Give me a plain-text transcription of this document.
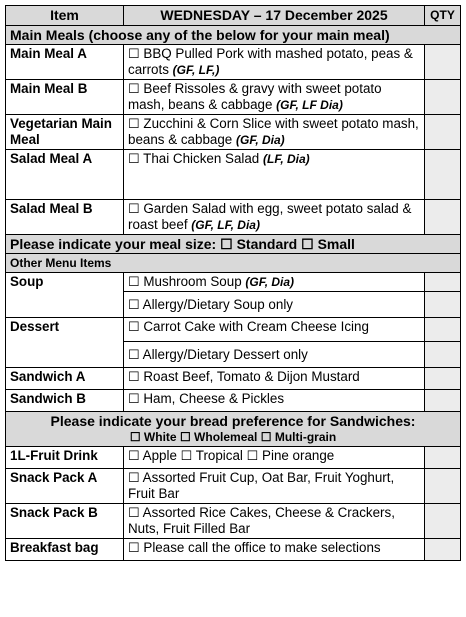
Item	WEDNESDAY – 17 December 2025	QTY
Main Meals (choose any of the below for your main meal)		
Main Meal A	☐ BBQ Pulled Pork with mashed potato, peas & carrots (GF, LF,)	
Main Meal B	☐ Beef Rissoles & gravy with sweet potato mash, beans & cabbage (GF, LF Dia)	
Vegetarian Main Meal	☐ Zucchini & Corn Slice with sweet potato mash, beans & cabbage (GF, Dia)	
Salad Meal A	☐ Thai Chicken Salad (LF, Dia)	
Salad Meal B	☐ Garden Salad with egg, sweet potato salad & roast beef (GF, LF, Dia)	
Please indicate your meal size: ☐ Standard ☐ Small		
Other Menu Items		
Soup	☐ Mushroom Soup (GF, Dia)	
	☐ Allergy/Dietary Soup only	
Dessert	☐ Carrot Cake with Cream Cheese Icing	
	☐ Allergy/Dietary Dessert only	
Sandwich A	☐ Roast Beef, Tomato & Dijon Mustard	
Sandwich B	☐ Ham, Cheese & Pickles	

Please indicate your bread preference for Sandwiches:
☐ White ☐ Wholemeal ☐ Multi-grain		

1L-Fruit Drink	☐ Apple ☐ Tropical ☐ Pine orange	
Snack Pack A	☐ Assorted Fruit Cup, Oat Bar, Fruit Yoghurt, Fruit Bar	
Snack Pack B	☐ Assorted Rice Cakes, Cheese & Crackers, Nuts, Fruit Filled Bar	
Breakfast bag	☐ Please call the office to make selections	
